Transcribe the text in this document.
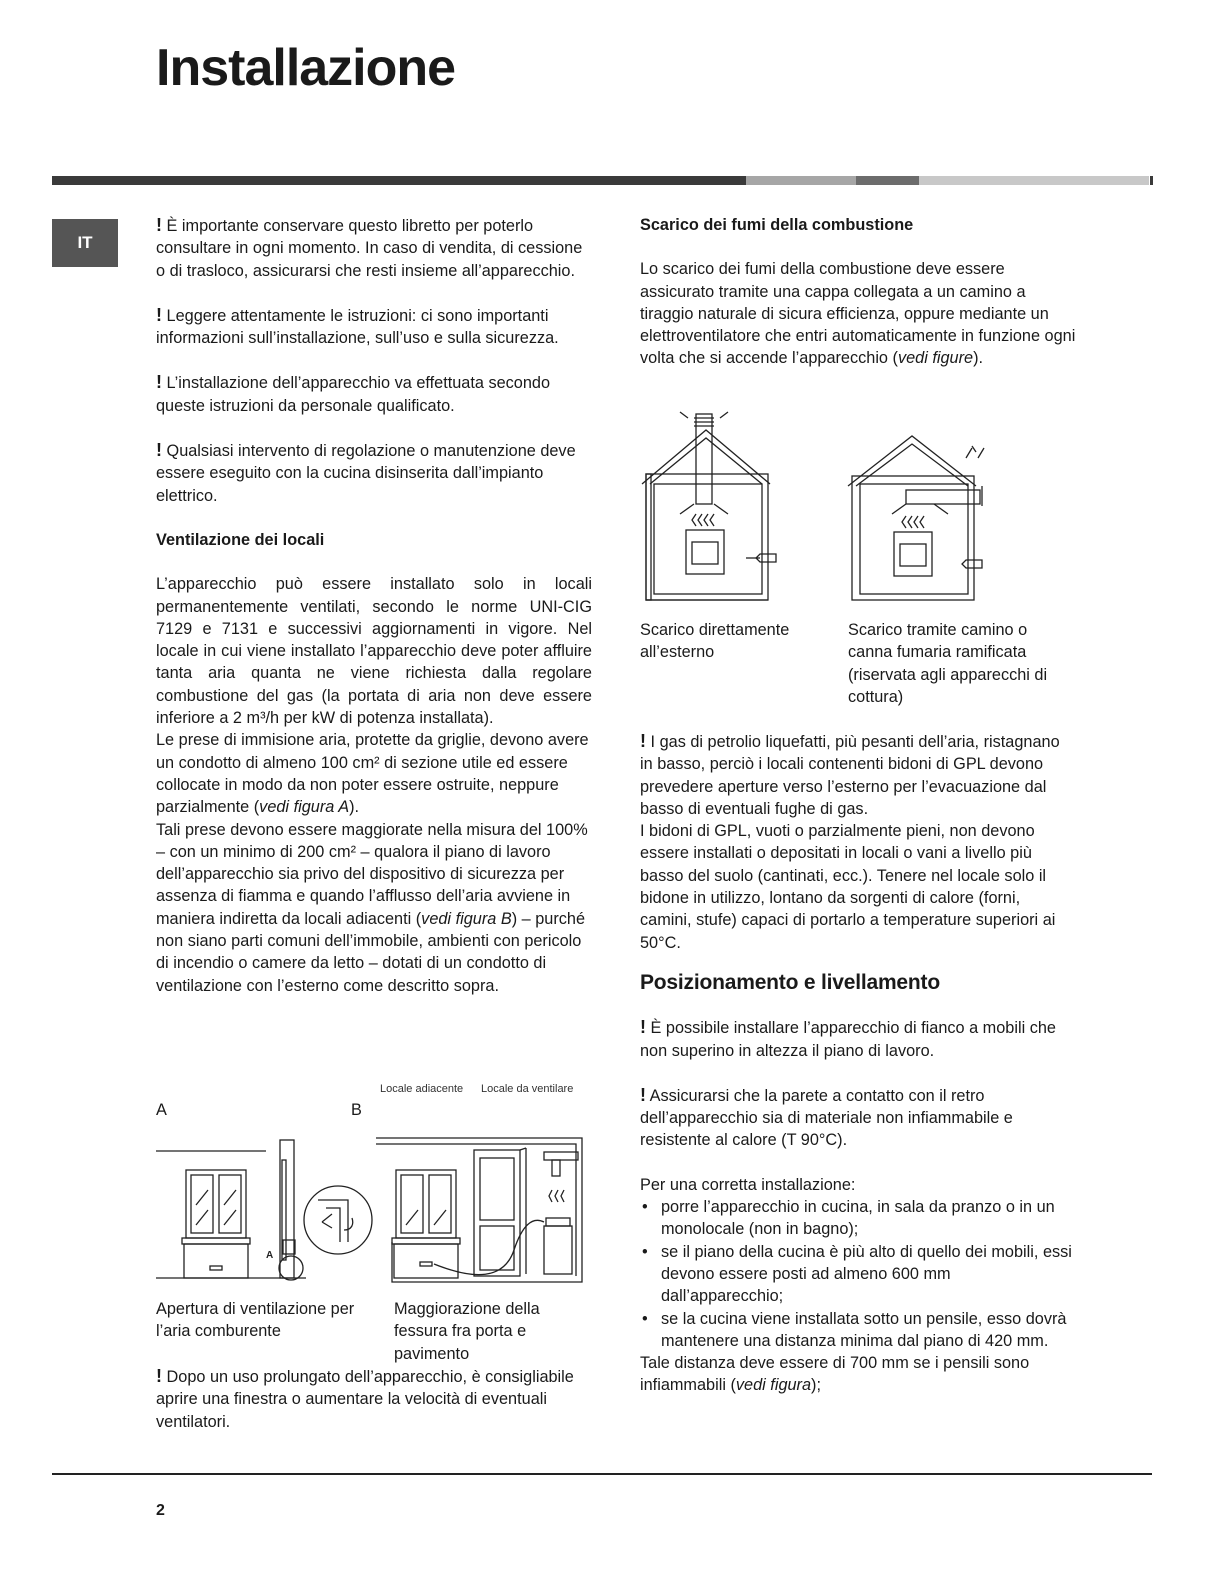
Installazione
IT

! È importante conservare questo libretto per poterlo consultare in ogni momento. In caso di vendita, di cessione o di trasloco, assicurarsi che resti insieme all’apparecchio.

! Leggere attentamente le istruzioni: ci sono importanti informazioni sull’installazione, sull’uso e sulla sicurezza.

! L’installazione dell’apparecchio va effettuata secondo queste istruzioni da personale qualificato.

! Qualsiasi intervento di regolazione o manutenzione deve essere eseguito con la cucina disinserita dall’impianto elettrico.

Ventilazione dei locali

L’apparecchio può essere installato solo in locali permanentemente ventilati, secondo le norme UNI-CIG 7129 e 7131 e successivi aggiornamenti in vigore. Nel locale in cui viene installato l’apparecchio deve poter affluire tanta aria quanta ne viene richiesta dalla regolare combustione del gas (la portata di aria non deve essere inferiore a 2 m³/h per kW di potenza installata).

Le prese di immisione aria, protette da griglie, devono avere un condotto di almeno 100 cm² di sezione utile ed essere collocate in modo da non poter essere ostruite, neppure parzialmente (vedi figura A).

Tali prese devono essere maggiorate nella misura del 100% – con un minimo di 200 cm² – qualora il piano di lavoro dell’apparecchio sia privo del dispositivo di sicurezza per assenza di fiamma e quando l’afflusso dell’aria avviene in maniera indiretta da locali adiacenti (vedi figura B) – purché non siano parti comuni dell’immobile, ambienti con pericolo di incendio o camere da letto – dotati di un condotto di ventilazione con l’esterno come descritto sopra.

Locale adiacente Locale da ventilare
A	B
A
Apertura di ventilazione per l’aria comburente
Maggiorazione della fessura fra porta e pavimento

! Dopo un uso prolungato dell’apparecchio, è consigliabile aprire una finestra o aumentare la velocità di eventuali ventilatori.

Scarico dei fumi della combustione

Lo scarico dei fumi della combustione deve essere assicurato tramite una cappa collegata a un camino a tiraggio naturale di sicura efficienza, oppure mediante un elettroventilatore che entri automaticamente in funzione ogni volta che si accende l’apparecchio (vedi figure).

Scarico direttamente all’esterno
Scarico tramite camino o canna fumaria ramificata (riservata agli apparecchi di cottura)

! I gas di petrolio liquefatti, più pesanti dell’aria, ristagnano in basso, perciò i locali contenenti bidoni di GPL devono prevedere aperture verso l’esterno per l’evacuazione dal basso di eventuali fughe di gas.

I bidoni di GPL, vuoti o parzialmente pieni, non devono essere installati o depositati in locali o vani a livello più basso del suolo (cantinati, ecc.). Tenere nel locale solo il bidone in utilizzo, lontano da sorgenti di calore (forni, camini, stufe) capaci di portarlo a temperature superiori ai 50°C.

Posizionamento e livellamento

! È possibile installare l’apparecchio di fianco a mobili che non superino in altezza il piano di lavoro.

! Assicurarsi che la parete a contatto con il retro dell’apparecchio sia di materiale non infiammabile e resistente al calore (T 90°C).

Per una corretta installazione:

• porre l’apparecchio in cucina, in sala da pranzo o in un monolocale (non in bagno);
• se il piano della cucina è più alto di quello dei mobili, essi devono essere posti ad almeno 600 mm dall’apparecchio;
• se la cucina viene installata sotto un pensile, esso dovrà mantenere una distanza minima dal piano di 420 mm.

Tale distanza deve essere di 700 mm se i pensili sono infiammabili (vedi figura);

2
